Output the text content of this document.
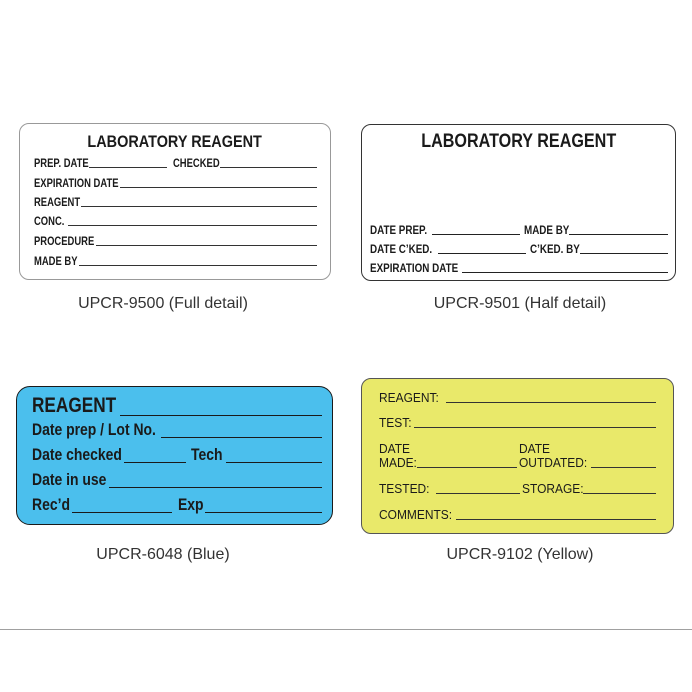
LABORATORY REAGENT
PREP. DATE	CHECKED
EXPIRATION DATE
REAGENT
CONC.
PROCEDURE
MADE BY
UPCR-9500 (Full detail)
LABORATORY REAGENT
DATE PREP.	MADE BY
DATE C’KED.	C’KED. BY
EXPIRATION DATE
UPCR-9501 (Half detail)
REAGENT
Date prep / Lot No.
Date checked	Tech
Date in use
Rec’d	Exp
UPCR-6048 (Blue)
REAGENT:
TEST:
DATE
MADE:
DATE
OUTDATED:
TESTED:	STORAGE:
COMMENTS:
UPCR-9102 (Yellow)
